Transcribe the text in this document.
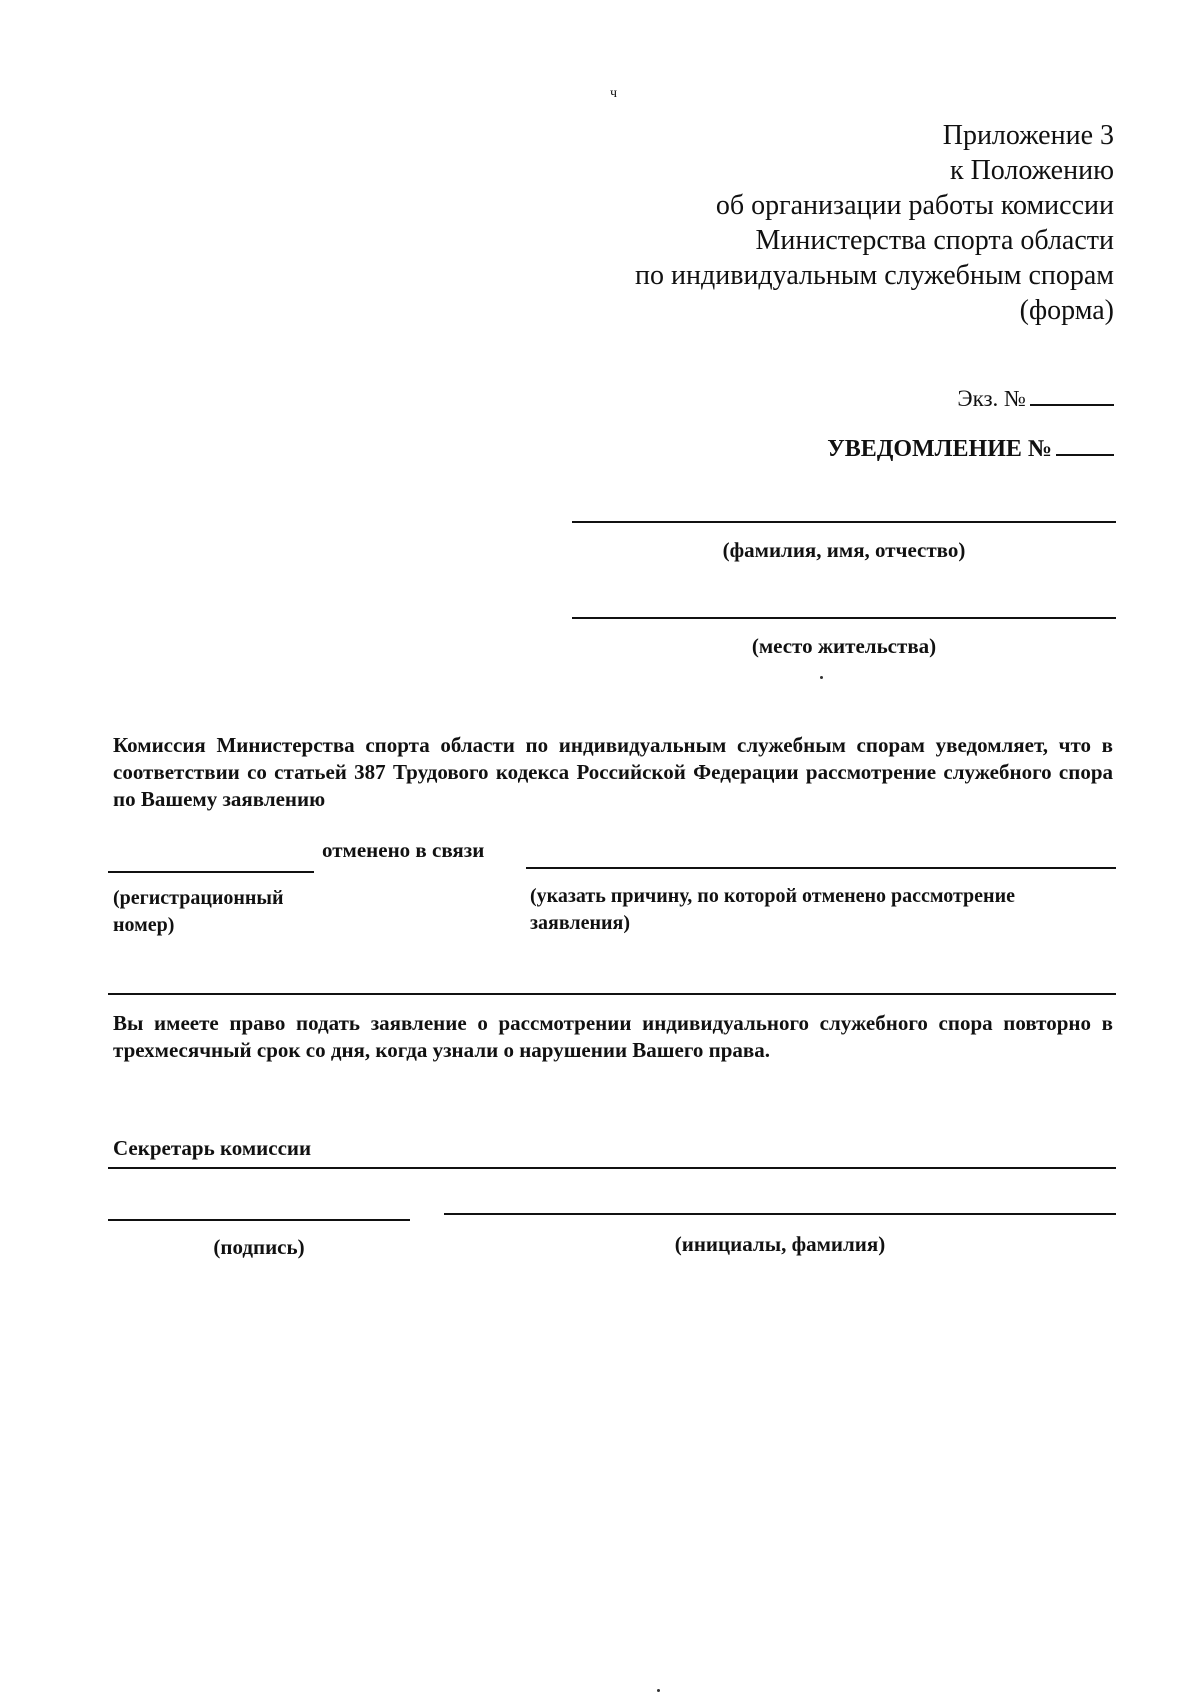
ч
Приложение 3
к Положению
об организации работы комиссии
Министерства спорта области
по индивидуальным служебным спорам
(форма)
Экз. №
УВЕДОМЛЕНИЕ №
(фамилия, имя, отчество)
(место жительства)
Комиссия Министерства спорта области по индивидуальным служебным спорам уведомляет, что в соответствии со статьей 387 Трудового кодекса Российской Федерации рассмотрение служебного спора по Вашему заявлению
отменено в связи
(регистрационный
номер)
(указать причину, по которой отменено рассмотрение
заявления)
Вы имеете право подать заявление о рассмотрении индивидуального служебного спора повторно в трехмесячный срок со дня, когда узнали о нарушении Вашего права.
Секретарь комиссии
(подпись)	(инициалы, фамилия)
